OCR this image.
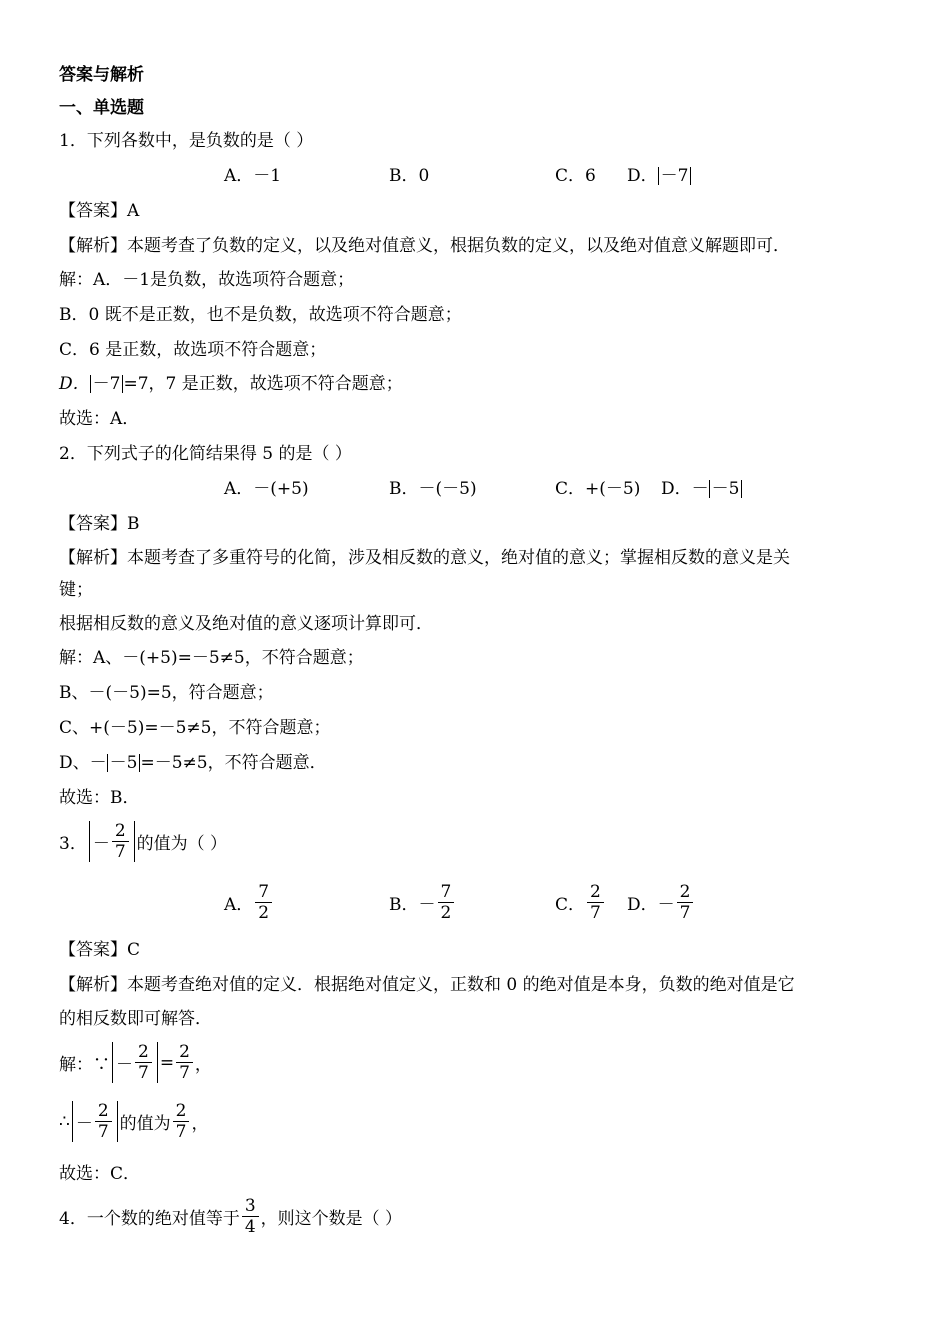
答案与解析
一、单选题
1．下列各数中，是负数的是（ ）
A．－1	B．0	C．6 D． －7
【答案】A
【解析】本题考查了负数的定义，以及绝对值意义，根据负数的定义，以及绝对值意义解题即可．
解：A．－1是负数，故选项符合题意；
B．0 既不是正数，也不是负数，故选项不符合题意；
C．6 是正数，故选项不符合题意；
D． －7 =7，7 是正数，故选项不符合题意；
故选：A．
2．下列式子的化简结果得 5 的是（ ）
A．－(+5)	B．－(－5)	C．+(－5) D．－ －5
【答案】B
【解析】本题考查了多重符号的化简，涉及相反数的意义，绝对值的意义；掌握相反数的意义是关
键；
根据相反数的意义及绝对值的意义逐项计算即可．
解：A、－(+5)=－5≠5，不符合题意；
B、－(－5)=5，符合题意；
C、+(－5)=－5≠5，不符合题意；
D、－ －5 =－5≠5，不符合题意．
故选：B．
3． － $\frac{2}{7}$ 的值为（ ）
A． $\frac{7}{2}$	B．－ $\frac{7}{2}$	C． $\frac{2}{7}$ D．－ $\frac{2}{7}$
【答案】C
【解析】本题考查绝对值的定义．根据绝对值定义，正数和 0 的绝对值是本身，负数的绝对值是它
的相反数即可解答．
解：∵ － $\frac{2}{7} = \frac{2}{7}$ ，
∴ － $\frac{2}{7}$ 的值为 $\frac{2}{7}$ ，
故选：C．
4．一个数的绝对值等于 $\frac{3}{4}$ ，则这个数是（ ）
